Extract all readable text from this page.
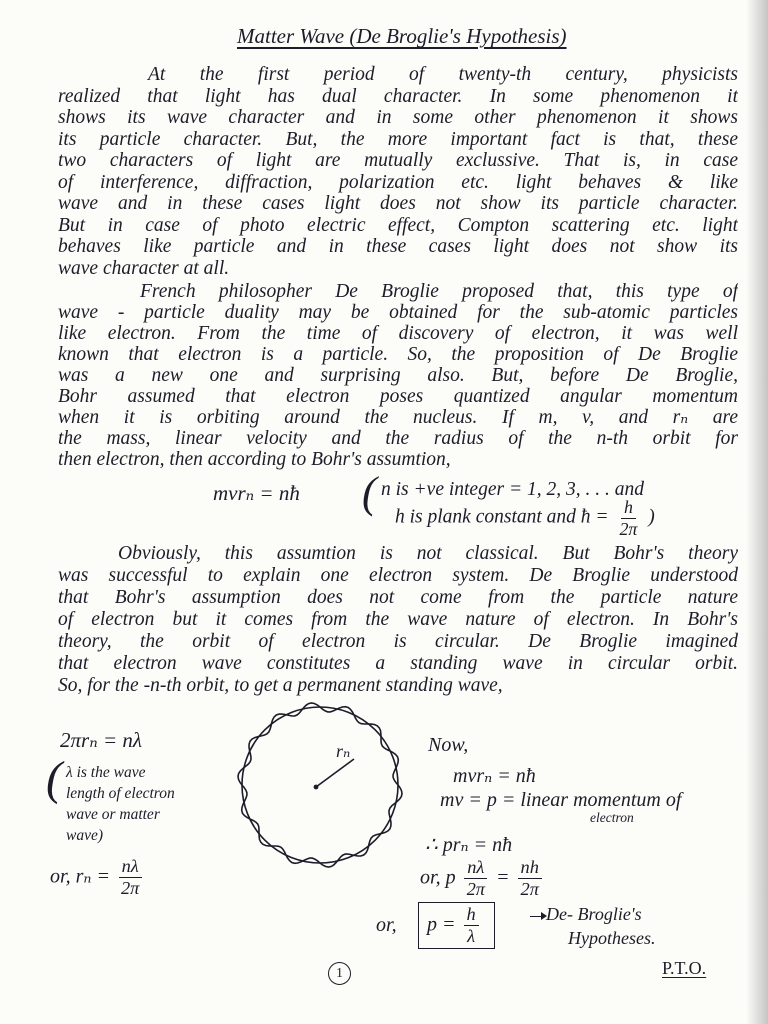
Matter Wave (De Broglie's Hypothesis)
At the first period of twenty-th century, physicists
realized that light has dual character. In some phenomenon it
shows its wave character and in some other phenomenon it shows
its particle character. But, the more important fact is that, these
two characters of light are mutually exclussive. That is, in case
of interference, diffraction, polarization etc. light behaves & like
wave and in these cases light does not show its particle character.
But in case of photo electric effect, Compton scattering etc. light
behaves like particle and in these cases light does not show its
wave character at all.
French philosopher De Broglie proposed that, this type of
wave - particle duality may be obtained for the sub-atomic particles
like electron. From the time of discovery of electron, it was well
known that electron is a particle. So, the proposition of De Broglie
was a new one and surprising also. But, before De Broglie,
Bohr assumed that electron poses quantized angular momentum
when it is orbiting around the nucleus. If m, v, and rₙ are
the mass, linear velocity and the radius of the n-th orbit for
then electron, then according to Bohr's assumtion,
mvrₙ = nħ ( n is +ve integer = 1, 2, 3, . . . and
h is plank constant and ħ = $\frac{h}{2\pi}$ )
Obviously, this assumtion is not classical. But Bohr's theory
was successful to explain one electron system. De Broglie understood
that Bohr's assumption does not come from the particle nature
of electron but it comes from the wave nature of electron. In Bohr's
theory, the orbit of electron is circular. De Broglie imagined
that electron wave constitutes a standing wave in circular orbit.
So, for the -n-th orbit, to get a permanent standing wave,
2πrₙ = nλ
( λ is the wave
length of electron
wave or matter
wave)
or, $r_n = \frac{n\lambda}{2\pi}$
rₙ	Now,
mvrₙ = nħ
mv = p = linear momentum of
electron
∴ prₙ = nħ
or, p $\frac{n\lambda}{2\pi} = \frac{nh}{2\pi}$
or,	$p = \frac{h}{\lambda}$	De- Broglie's
Hypotheses.
1	P.T.O.
